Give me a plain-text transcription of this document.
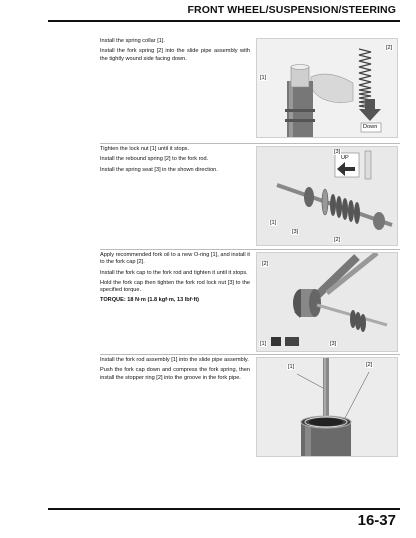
FRONT WHEEL/SUSPENSION/STEERING

Install the spring collar [1].

Install the fork spring [2] into the slide pipe assembly with the tightly wound side facing down.

[1]
[2]
Down

Tighten the lock nut [1] until it stops.

Install the rebound spring [2] to the fork rod.

Install the spring seat [3] in the shown direction.

[1]
[2]
[3]
[3]
UP

Apply recommended fork oil to a new O-ring [1], and install it to the fork cap [2].

Install the fork cap to the fork rod and tighten it until it stops.

Hold the fork cap then tighten the fork rod lock nut [3] to the specified torque.

TORQUE: 18 N·m (1.8 kgf·m, 13 lbf·ft)

[1]
[2]
[3]

Install the fork rod assembly [1] into the slide pipe assembly.

Push the fork cap down and compress the fork spring, then install the stopper ring [2] into the groove in the fork pipe.

[1]	[2]
16-37
